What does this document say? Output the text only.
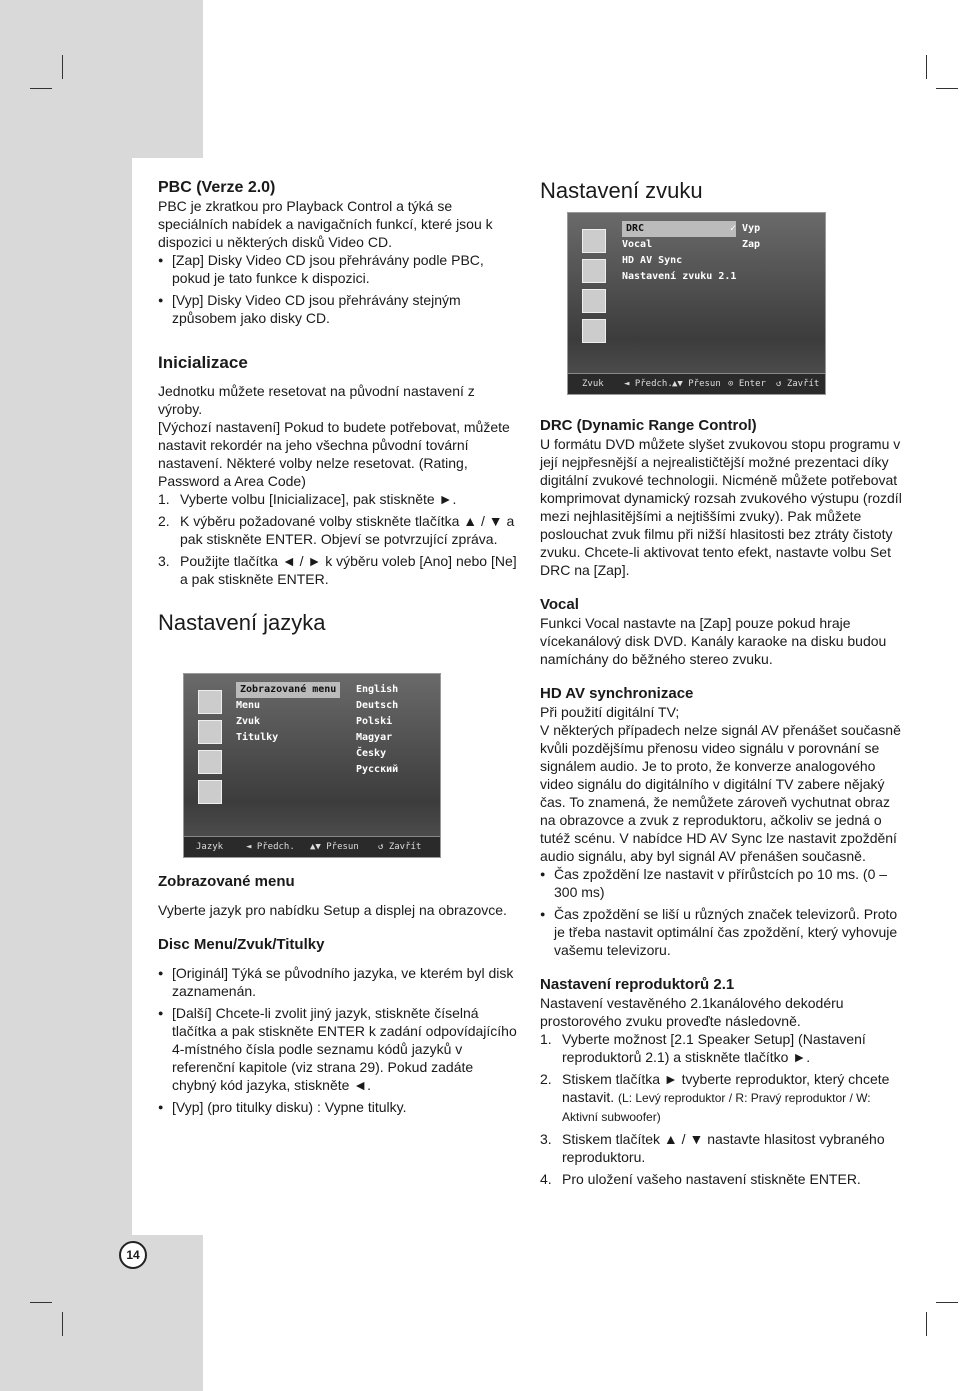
PBC (Verze 2.0)

PBC je zkratkou pro Playback Control a týká se speciálních nabídek a navigačních funkcí, které jsou k dispozici u některých disků Video CD.

● [Zap] Disky Video CD jsou přehrávány podle PBC, pokud je tato funkce k dispozici.
● [Vyp] Disky Video CD jsou přehrávány stejným způsobem jako disky CD.
Inicializace

Jednotku můžete resetovat na původní nastavení z výroby.

[Výchozí nastavení] Pokud to budete potřebovat, můžete nastavit rekordér na jeho všechna původní tovární nastavení. Některé volby nelze resetovat. (Rating, Password a Area Code)

1. Vyberte volbu [Inicializace], pak stiskněte ►.
2. K výběru požadované volby stiskněte tlačítka ▲ / ▼ a pak stiskněte ENTER. Objeví se potvrzující zpráva.
3. Použijte tlačítka ◄ / ► k výběru voleb [Ano] nebo [Ne] a pak stiskněte ENTER.
Nastavení jazyka
Zobrazované menu
Menu
Zvuk
Titulky
English
Deutsch
Polski
Magyar
Česky
Русский
Jazyk	◄ Předch. ▲▼ Přesun ↺ Zavřít
Zobrazované menu

Vyberte jazyk pro nabídku Setup a displej na obrazovce.

Disc Menu/Zvuk/Titulky
● [Originál] Týká se původního jazyka, ve kterém byl disk zaznamenán.
● [Další] Chcete-li zvolit jiný jazyk, stiskněte číselná tlačítka a pak stiskněte ENTER k zadání odpovídajícího 4-místného čísla podle seznamu kódů jazyků v referenční kapitole (viz strana 29). Pokud zadáte chybný kód jazyka, stiskněte ◄.
● [Vyp] (pro titulky disku) : Vypne titulky.
Nastavení zvuku
DRC
Vocal
HD AV Sync
Nastavení zvuku 2.1
✓ Vyp
Zap
Zvuk ◄ Předch. ▲▼ Přesun ⊙ Enter ↺ Zavřít
DRC (Dynamic Range Control)

U formátu DVD můžete slyšet zvukovou stopu programu v její nejpřesnější a nejrealističtější možné prezentaci díky digitální zvukové technologii. Nicméně můžete potřebovat komprimovat dynamický rozsah zvukového výstupu (rozdíl mezi nejhlasitějšími a nejtiššími zvuky). Pak můžete poslouchat zvuk filmu při nižší hlasitosti bez ztráty čistoty zvuku. Chcete-li aktivovat tento efekt, nastavte volbu Set DRC na [Zap].

Vocal

Funkci Vocal nastavte na [Zap] pouze pokud hraje vícekanálový disk DVD. Kanály karaoke na disku budou namíchány do běžného stereo zvuku.

HD AV synchronizace

Při použití digitální TV;

V některých případech nelze signál AV přenášet současně kvůli pozdějšímu přenosu video signálu v porovnání se signálem audio. Je to proto, že konverze analogového video signálu do digitálního v digitální TV zabere nějaký čas. To znamená, že nemůžete zároveň vychutnat obraz na obrazovce a zvuk z reproduktoru, ačkoliv se jedná o tutéž scénu. V nabídce HD AV Sync lze nastavit zpoždění audio signálu, aby byl signál AV přenášen současně.

● Čas zpoždění lze nastavit v přírůstcích po 10 ms. (0 – 300 ms)
● Čas zpoždění se liší u různých značek televizorů. Proto je třeba nastavit optimální čas zpoždění, který vyhovuje vašemu televizoru.
Nastavení reproduktorů 2.1

Nastavení vestavěného 2.1kanálového dekodéru prostorového zvuku proveďte následovně.

1. Vyberte možnost [2.1 Speaker Setup] (Nastavení reproduktorů 2.1) a stiskněte tlačítko ►.
2. Stiskem tlačítka ► tvyberte reproduktor, který chcete nastavit. (L: Levý reproduktor / R: Pravý reproduktor / W: Aktivní subwoofer)
3. Stiskem tlačítek ▲ / ▼ nastavte hlasitost vybraného reproduktoru.
4. Pro uložení vašeho nastavení stiskněte ENTER.
14
